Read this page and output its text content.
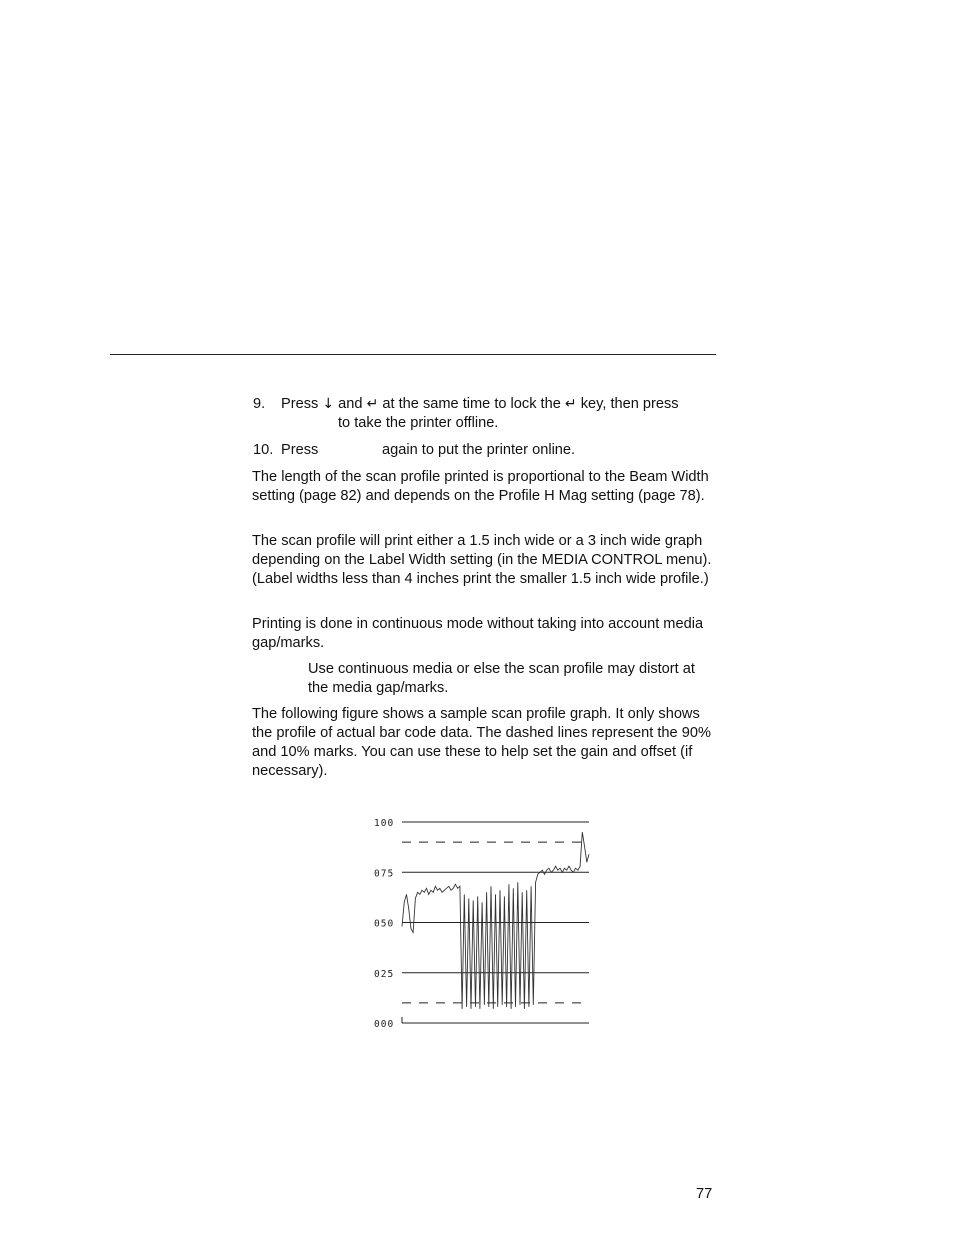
9. Press ↓ and ↵ at the same time to lock the ↵ key, then press
to take the printer offline.
10. Press	again to put the printer online.

The length of the scan profile printed is proportional to the Beam Width setting (page 82) and depends on the Profile H Mag setting (page 78).

The scan profile will print either a 1.5 inch wide or a 3 inch wide graph depending on the Label Width setting (in the MEDIA CONTROL menu). (Label widths less than 4 inches print the smaller 1.5 inch wide profile.)

Printing is done in continuous mode without taking into account media gap/marks.

Use continuous media or else the scan profile may distort at the media gap/marks.

The following figure shows a sample scan profile graph. It only shows the profile of actual bar code data. The dashed lines represent the 90% and 10% marks. You can use these to help set the gain and offset (if necessary).

100
075
050
025
000
77
